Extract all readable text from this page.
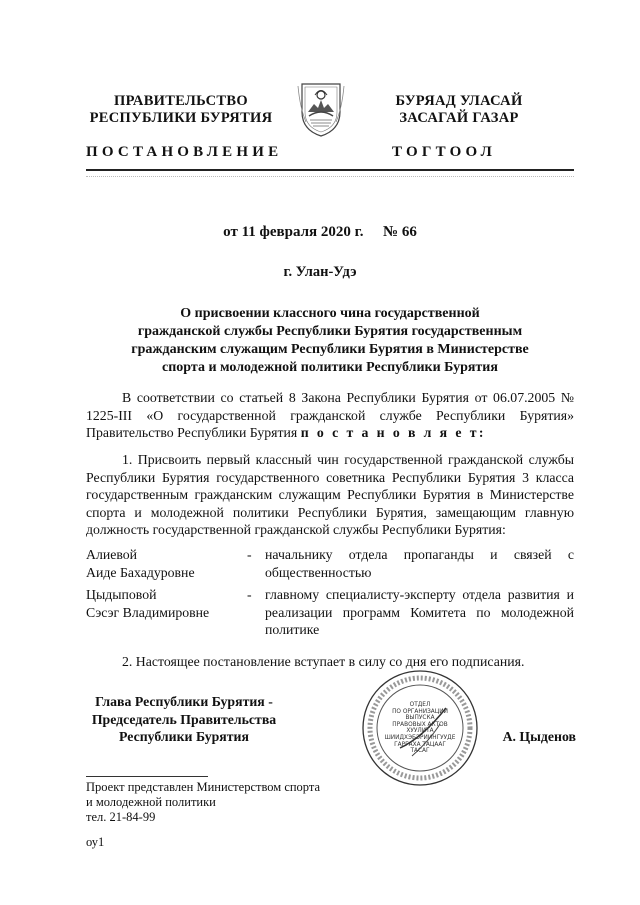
ПРАВИТЕЛЬСТВО
РЕСПУБЛИКИ БУРЯТИЯ
БУРЯАД УЛАСАЙ
ЗАСАГАЙ ГАЗАР
ПОСТАНОВЛЕНИЕ	ТОГТООЛ
от 11 февраля 2020 г. № 66
г. Улан-Удэ
О присвоении классного чина государственной
гражданской службы Республики Бурятия государственным
гражданским служащим Республики Бурятия в Министерстве
спорта и молодежной политики Республики Бурятия
В соответствии со статьей 8 Закона Республики Бурятия от 06.07.2005 № 1225-III «О государственной гражданской службе Республики Бурятия» Правительство Республики Бурятия п о с т а н о в л я е т:
1. Присвоить первый классный чин государственной гражданской службы Республики Бурятия государственного советника Республики Бурятия 3 класса государственным гражданским служащим Республики Бурятия в Министерстве спорта и молодежной политики Республики Бурятия, замещающим главную должность государственной гражданской службы Республики Бурятия:
Алиевой
Аиде Бахадуровне
- начальнику отдела пропаганды и связей с общественностью
Цыдыповой
Сэсэг Владимировне
- главному специалисту-эксперту отдела развития и реализации программ Комитета по молодежной политике
2. Настоящее постановление вступает в силу со дня его подписания.
Глава Республики Бурятия -
Председатель Правительства
Республики Бурятия
ОТДЕЛ
ПО ОРГАНИЗАЦИИ
ВЫПУСКА
ПРАВОВЫХ АКТОВ
ХУУЛИТА
ШИИДХЭБЭРИИНГУУДЕ
ГАРГАХА ТАЦААГ
ТАСАГ
А. Цыденов
Проект представлен Министерством спорта
и молодежной политики
тел. 21-84-99
оу1
